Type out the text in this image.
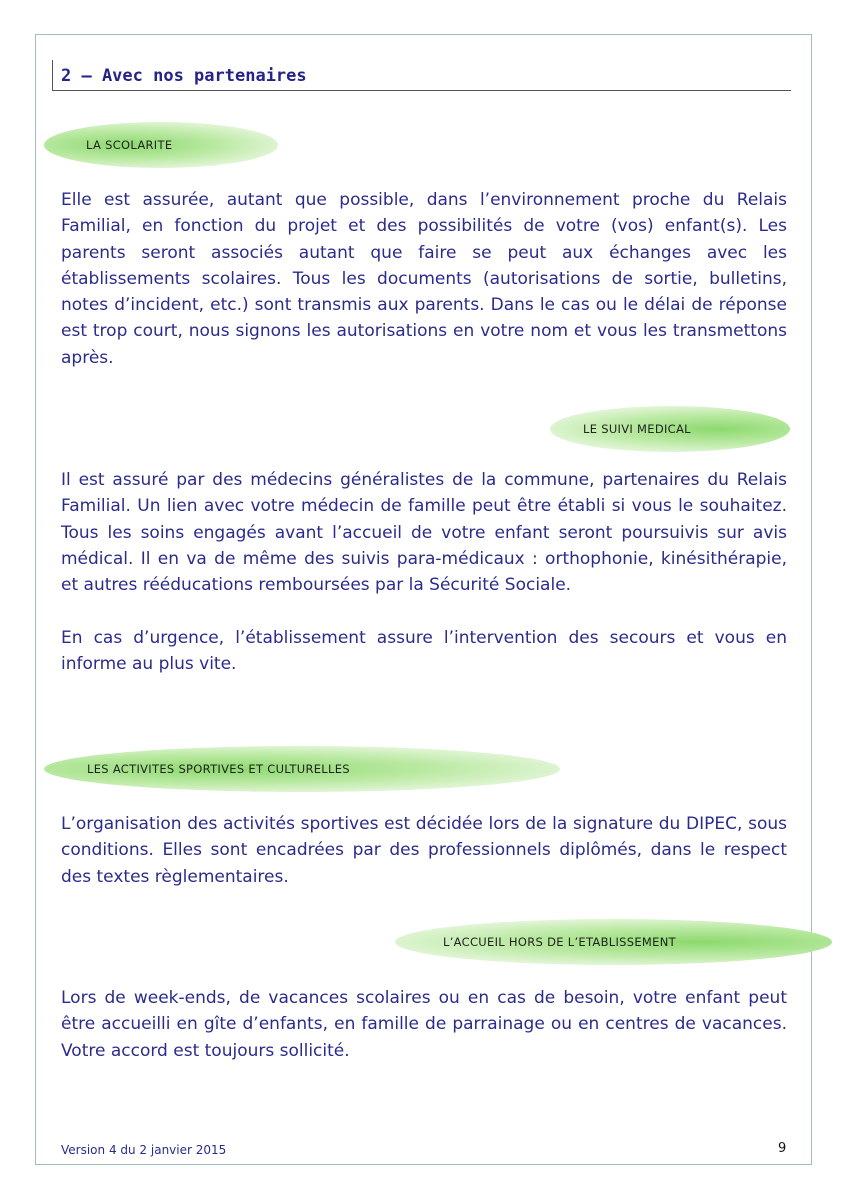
2 – Avec nos partenaires
LA SCOLARITE

Elle est assurée, autant que possible, dans l’environnement proche du Relais Familial, en fonction du projet et des possibilités de votre (vos) enfant(s). Les parents seront associés autant que faire se peut aux échanges avec les établissements scolaires. Tous les documents (autorisations de sortie, bulletins, notes d’incident, etc.) sont transmis aux parents. Dans le cas ou le délai de réponse est trop court, nous signons les autorisations en votre nom et vous les transmettons après.

LE SUIVI MEDICAL

Il est assuré par des médecins généralistes de la commune, partenaires du Relais Familial. Un lien avec votre médecin de famille peut être établi si vous le souhaitez. Tous les soins engagés avant l’accueil de votre enfant seront poursuivis sur avis médical. Il en va de même des suivis para-médicaux : orthophonie, kinésithérapie, et autres rééducations remboursées par la Sécurité Sociale.

En cas d’urgence, l’établissement assure l’intervention des secours et vous en informe au plus vite.

LES ACTIVITES SPORTIVES ET CULTURELLES

L’organisation des activités sportives est décidée lors de la signature du DIPEC, sous conditions. Elles sont encadrées par des professionnels diplômés, dans le respect des textes règlementaires.

L’ACCUEIL HORS DE L’ETABLISSEMENT

Lors de week-ends, de vacances scolaires ou en cas de besoin, votre enfant peut être accueilli en gîte d’enfants, en famille de parrainage ou en centres de vacances. Votre accord est toujours sollicité.

Version 4 du 2 janvier 2015	9
